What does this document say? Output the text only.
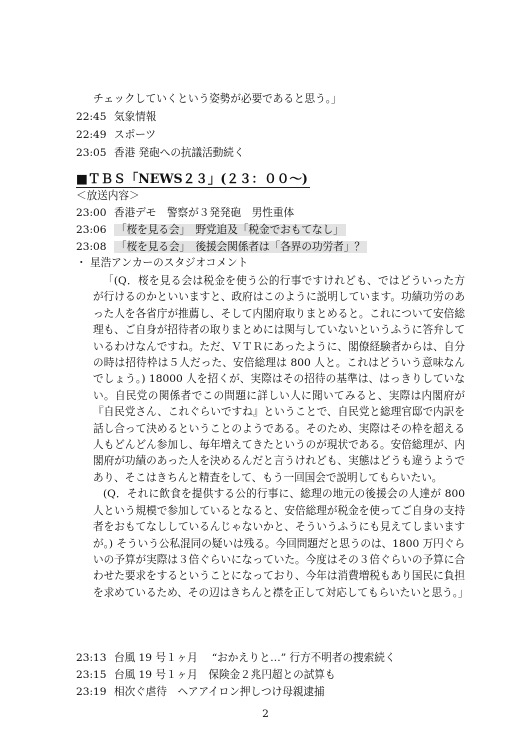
チェックしていくという姿勢が必要であると思う。」
22:45 気象情報
22:49 スポーツ
23:05 香港 発砲への抗議活動続く
■ＴＢＳ「NEWS２３」(２３：００〜)
＜放送内容＞
23:00 香港デモ　警察が３発発砲　男性重体
23:06 「桜を見る会」　野党追及「税金でおもてなし」
23:08 「桜を見る会」　後援会関係者は「各界の功労者」？
・ 星浩アンカーのスタジオコメント

「(Q．桜を見る会は税金を使う公的行事ですけれども、ではどういった方が行けるのかといいますと、政府はこのように説明しています。功績功労のあった人を各省庁が推薦し、そして内閣府取りまとめると。これについて安倍総理も、ご自身が招待者の取りまとめには関与していないというふうに答弁しているわけなんですね。ただ、ＶＴＲにあったように、閣僚経験者からは、自分の時は招待枠は５人だった、安倍総理は 800 人と。これはどういう意味なんでしょう。) 18000 人を招くが、実際はその招待の基準は、はっきりしていない。自民党の関係者でこの問題に詳しい人に聞いてみると、実際は内閣府が『自民党さん、これぐらいですね』ということで、自民党と総理官邸で内訳を話し合って決めるということのようである。そのため、実際はその枠を超える人もどんどん参加し、毎年増えてきたというのが現状である。安倍総理が、内閣府が功績のあった人を決めるんだと言うけれども、実態はどうも違うようであり、そこはきちんと精査をして、もう一回国会で説明してもらいたい。

(Q．それに飲食を提供する公的行事に、総理の地元の後援会の人達が 800 人という規模で参加しているとなると、安倍総理が税金を使ってご自身の支持者をおもてなししているんじゃないかと、そういうふうにも見えてしまいますが。) そういう公私混同の疑いは残る。今回問題だと思うのは、1800 万円ぐらいの予算が実際は３倍ぐらいになっていた。今度はその３倍ぐらいの予算に合わせた要求をするということになっており、今年は消費増税もあり国民に負担を求めているため、その辺はきちんと襟を正して対応してもらいたいと思う。」

23:13 台風 19 号１ヶ月　 “おかえりと…” 行方不明者の捜索続く
23:15 台風 19 号１ヶ月　保険金２兆円超との試算も
23:19 相次ぐ虐待　ヘアアイロン押しつけ母親逮捕
2
